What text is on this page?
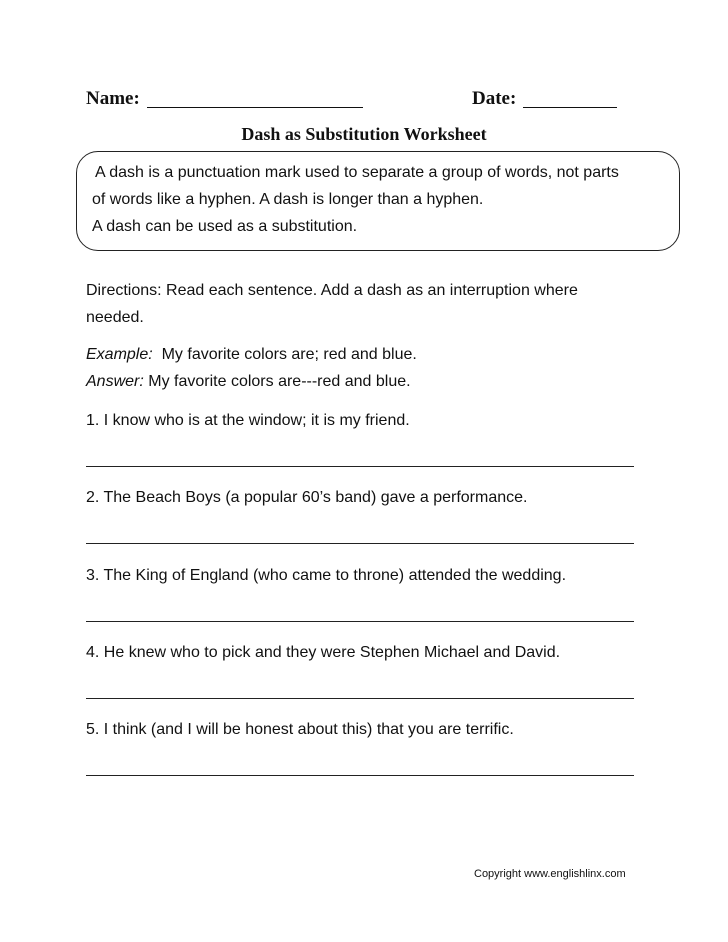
Name:	Date:
Dash as Substitution Worksheet
A dash is a punctuation mark used to separate a group of words, not parts
of words like a hyphen. A dash is longer than a hyphen.
A dash can be used as a substitution.
Directions: Read each sentence. Add a dash as an interruption where
needed.
Example: My favorite colors are; red and blue.
Answer: My favorite colors are---red and blue.
1. I know who is at the window; it is my friend.
2. The Beach Boys (a popular 60’s band) gave a performance.
3. The King of England (who came to throne) attended the wedding.
4. He knew who to pick and they were Stephen Michael and David.
5. I think (and I will be honest about this) that you are terrific.
Copyright www.englishlinx.com
